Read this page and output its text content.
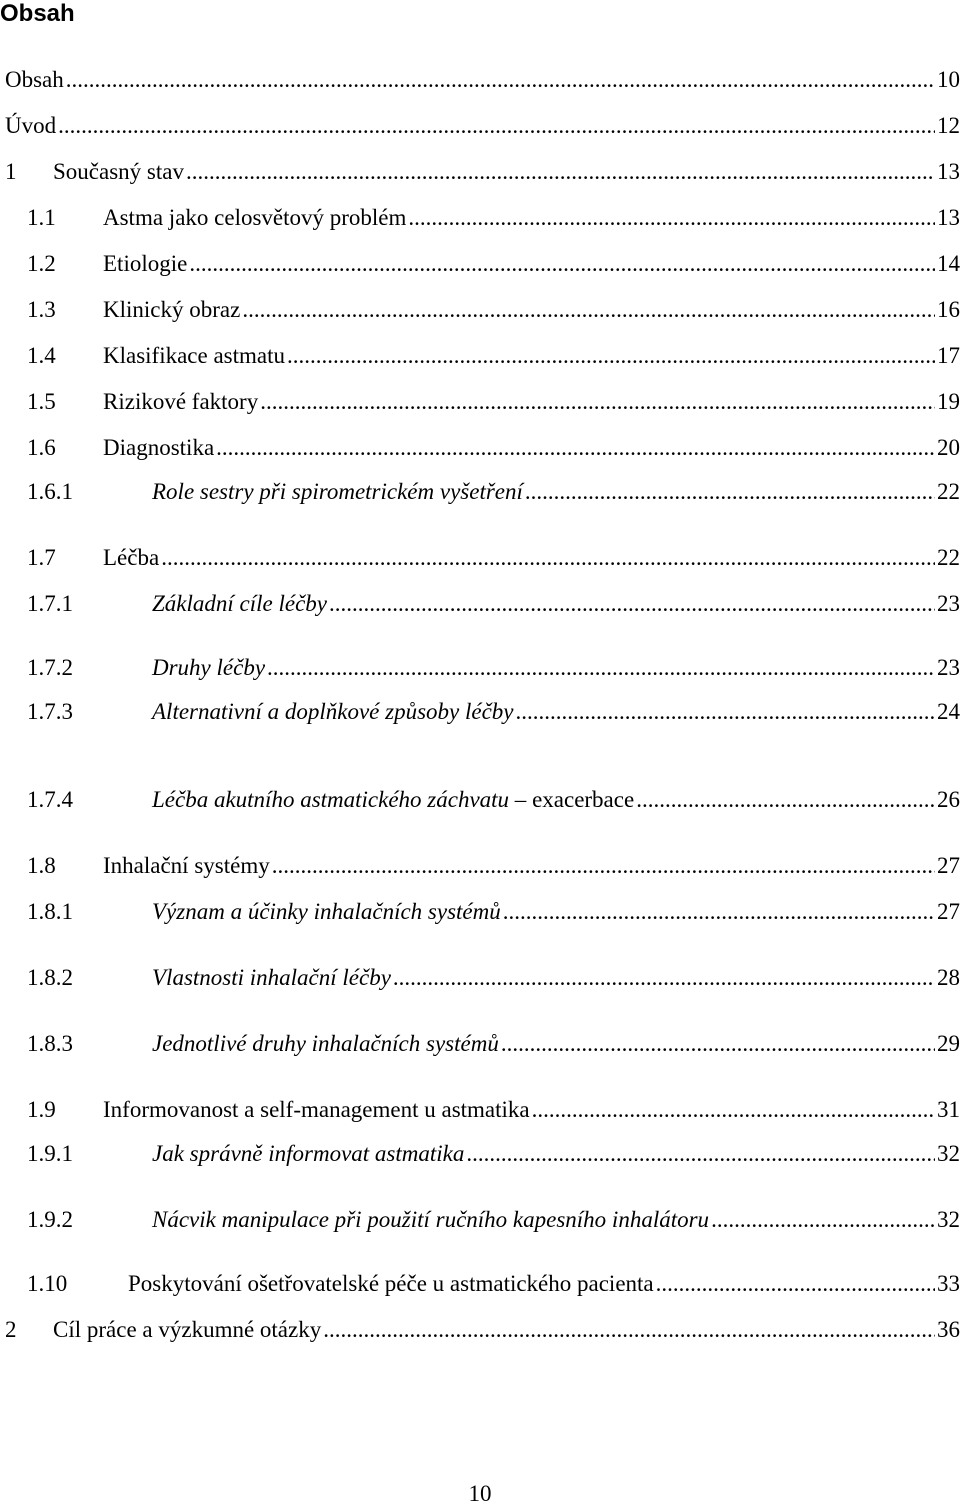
Obsah
Obsah .....	10
Úvod .....	12
1	Současný stav .....	13
1.1	Astma jako celosvětový problém .....	13
1.2	Etiologie .....	14
1.3	Klinický obraz .....	16
1.4	Klasifikace astmatu .....	17
1.5	Rizikové faktory .....	19
1.6	Diagnostika .....	20
1.6.1	Role sestry při spirometrickém vyšetření .....	22
1.7	Léčba .....	22
1.7.1	Základní cíle léčby .....	23
1.7.2	Druhy léčby .....	23
1.7.3	Alternativní a doplňkové způsoby léčby .....	24
1.7.4	Léčba akutního astmatického záchvatu – exacerbace .....	26
1.8	Inhalační systémy .....	27
1.8.1	Význam a účinky inhalačních systémů .....	27
1.8.2	Vlastnosti inhalační léčby .....	28
1.8.3	Jednotlivé druhy inhalačních systémů .....	29
1.9	Informovanost a self-management u astmatika .....	31
1.9.1	Jak správně informovat astmatika .....	32
1.9.2	Nácvik manipulace při použití ručního kapesního inhalátoru .....	32
1.10	Poskytování ošetřovatelské péče u astmatického pacienta .....	33
2	Cíl práce a výzkumné otázky .....	36
10
